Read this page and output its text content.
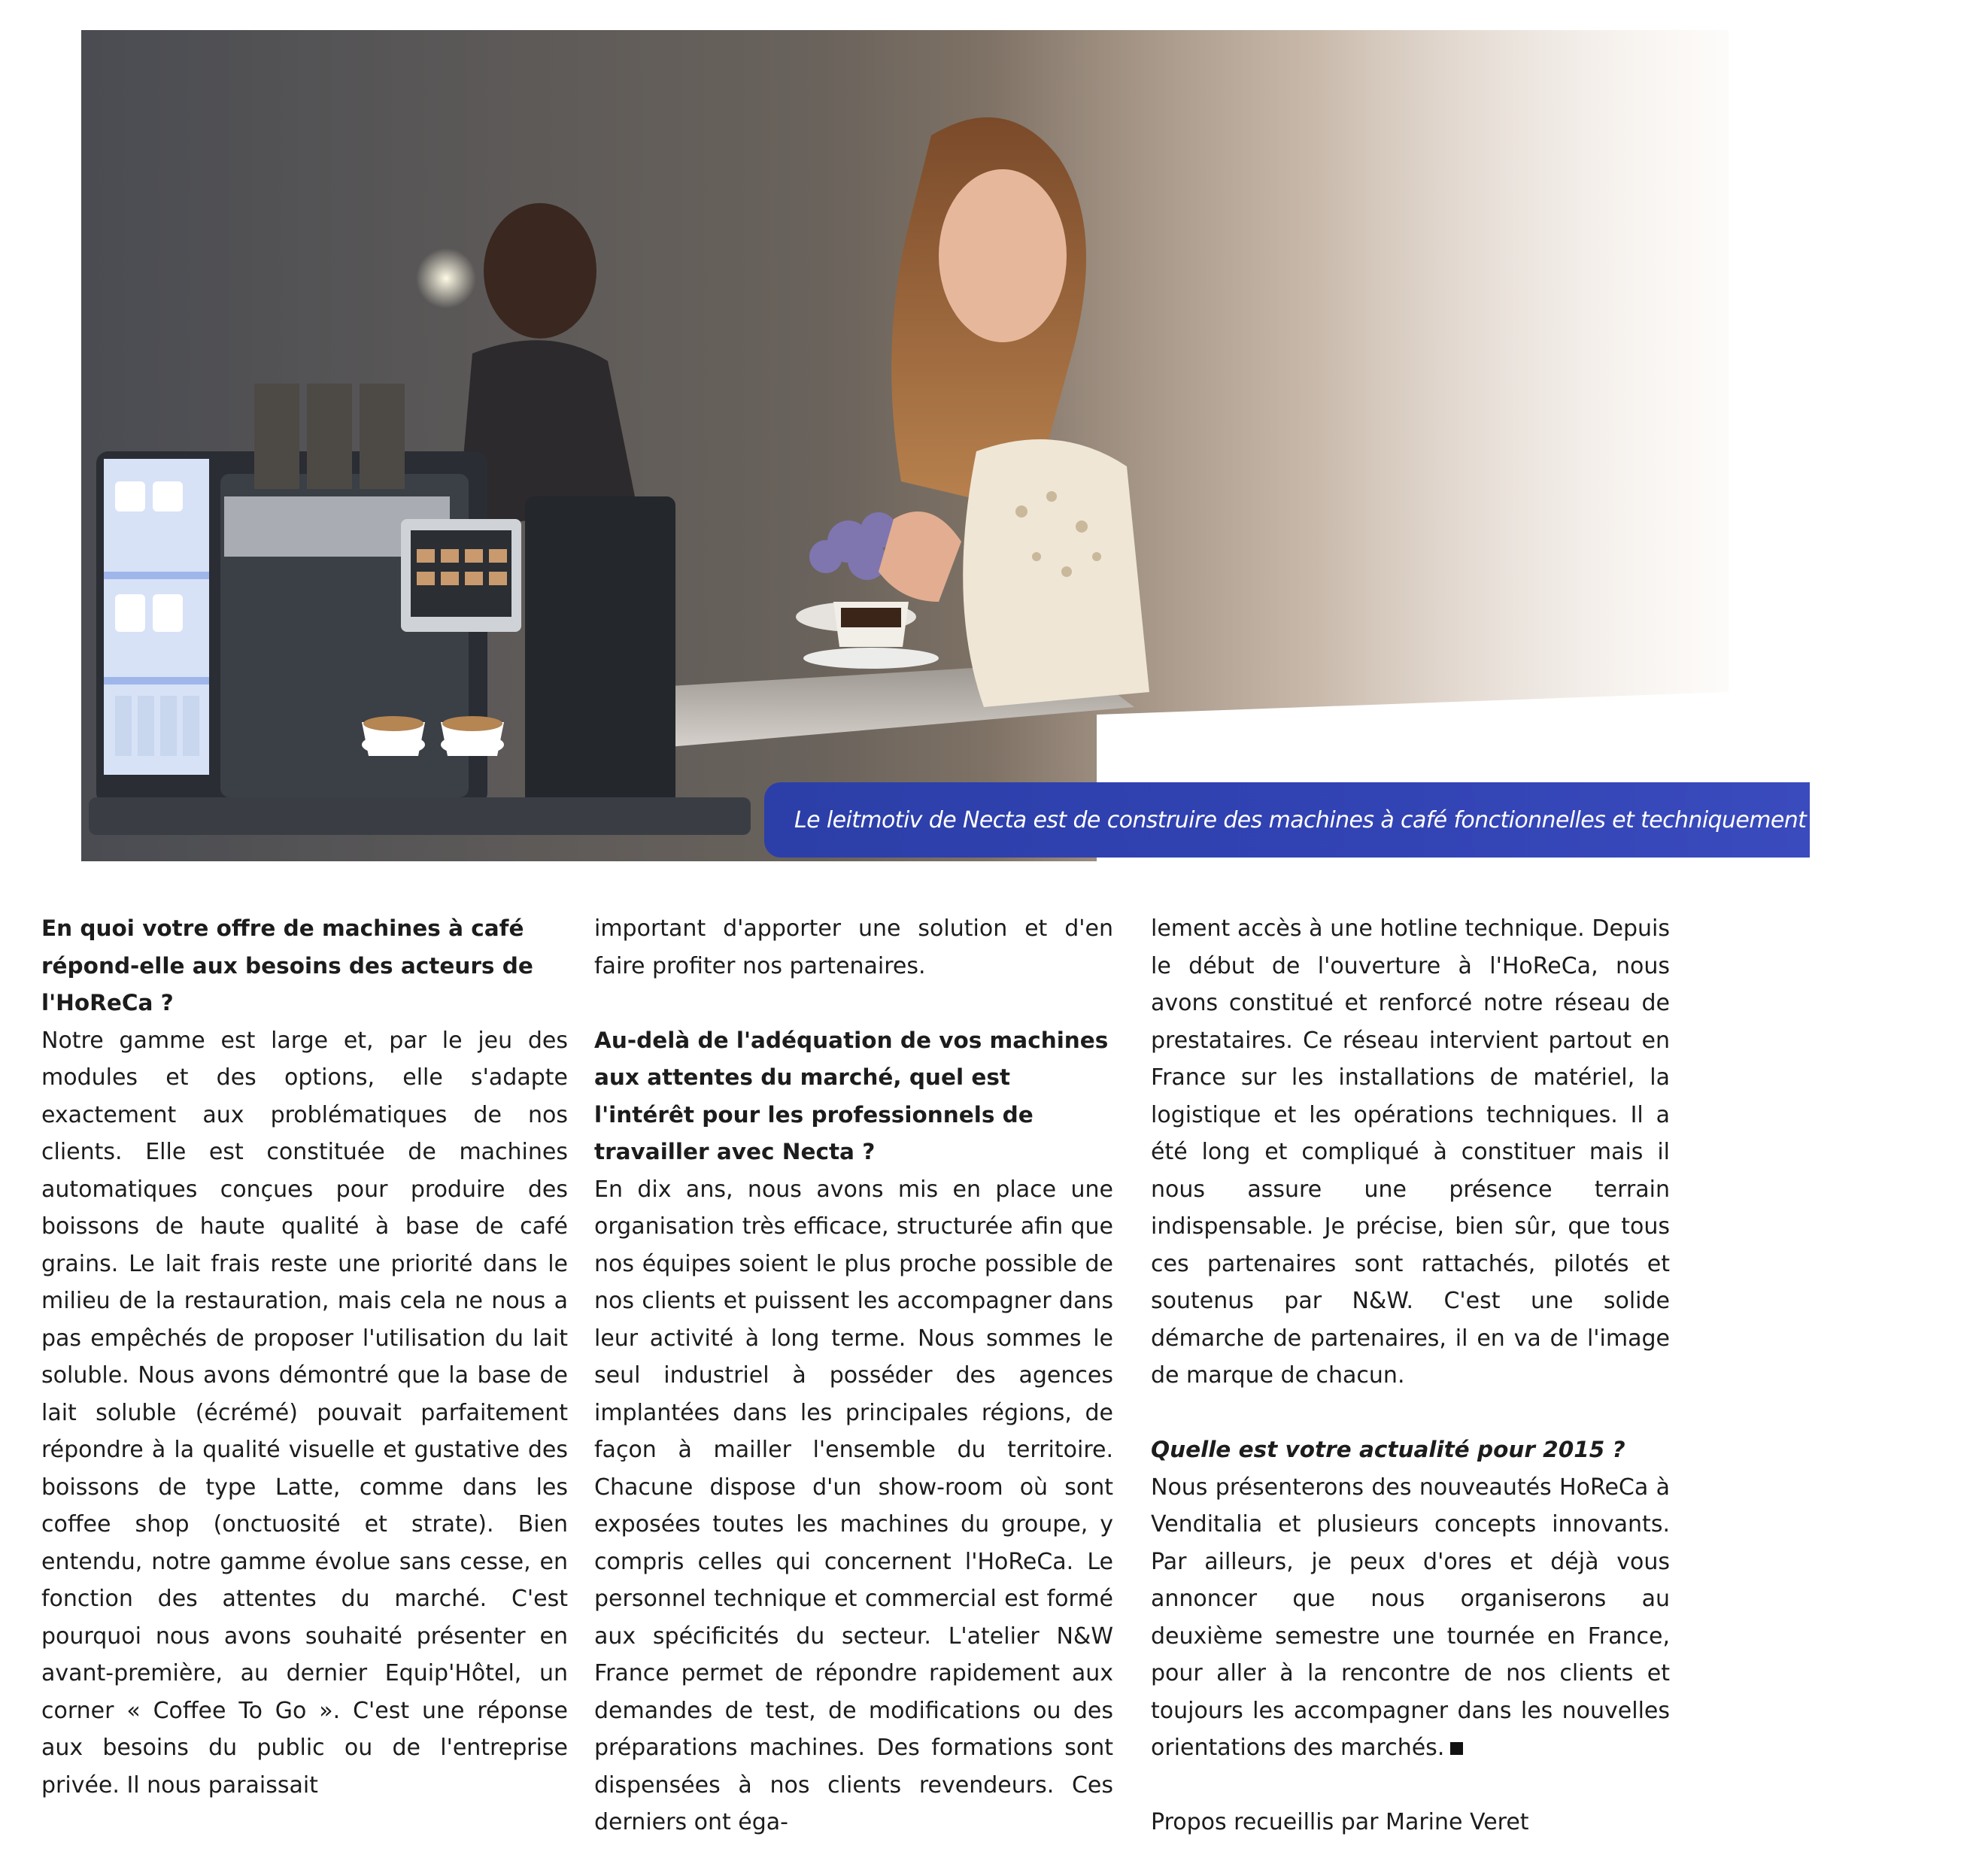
Le leitmotiv de Necta est de construire des machines à café fonctionnelles et techniquement irréprochables.

En quoi votre offre de machines à café répond-elle aux besoins des acteurs de l'HoReCa ?

Notre gamme est large et, par le jeu des modules et des options, elle s'adapte exactement aux problématiques de nos clients. Elle est constituée de machines automatiques conçues pour produire des boissons de haute qualité à base de café grains. Le lait frais reste une priorité dans le milieu de la restauration, mais cela ne nous a pas empêchés de proposer l'utilisation du lait soluble. Nous avons démontré que la base de lait soluble (écrémé) pouvait parfaitement répondre à la qualité visuelle et gustative des boissons de type Latte, comme dans les coffee shop (onctuosité et strate). Bien entendu, notre gamme évolue sans cesse, en fonction des attentes du marché. C'est pourquoi nous avons souhaité présenter en avant-première, au dernier Equip'Hôtel, un corner « Coffee To Go ». C'est une réponse aux besoins du public ou de l'entreprise privée. Il nous paraissait

important d'apporter une solution et d'en faire profiter nos partenaires.

Au-delà de l'adéquation de vos machines aux attentes du marché, quel est l'intérêt pour les professionnels de travailler avec Necta ?

En dix ans, nous avons mis en place une organisation très efficace, structurée afin que nos équipes soient le plus proche possible de nos clients et puissent les accompagner dans leur activité à long terme. Nous sommes le seul industriel à posséder des agences implantées dans les principales régions, de façon à mailler l'ensemble du territoire. Chacune dispose d'un show-room où sont exposées toutes les machines du groupe, y compris celles qui concernent l'HoReCa. Le personnel technique et commercial est formé aux spécificités du secteur. L'atelier N&W France permet de répondre rapidement aux demandes de test, de modifications ou des préparations machines. Des formations sont dispensées à nos clients revendeurs. Ces derniers ont éga-

lement accès à une hotline technique. Depuis le début de l'ouverture à l'HoReCa, nous avons constitué et renforcé notre réseau de prestataires. Ce réseau intervient partout en France sur les installations de matériel, la logistique et les opérations techniques. Il a été long et compliqué à constituer mais il nous assure une présence terrain indispensable. Je précise, bien sûr, que tous ces partenaires sont rattachés, pilotés et soutenus par N&W. C'est une solide démarche de partenaires, il en va de l'image de marque de chacun.

Quelle est votre actualité pour 2015 ?

Nous présenterons des nouveautés HoReCa à Venditalia et plusieurs concepts innovants. Par ailleurs, je peux d'ores et déjà vous annoncer que nous organiserons au deuxième semestre une tournée en France, pour aller à la rencontre de nos clients et toujours les accompagner dans les nouvelles orientations des marchés.

Propos recueillis par Marine Veret
